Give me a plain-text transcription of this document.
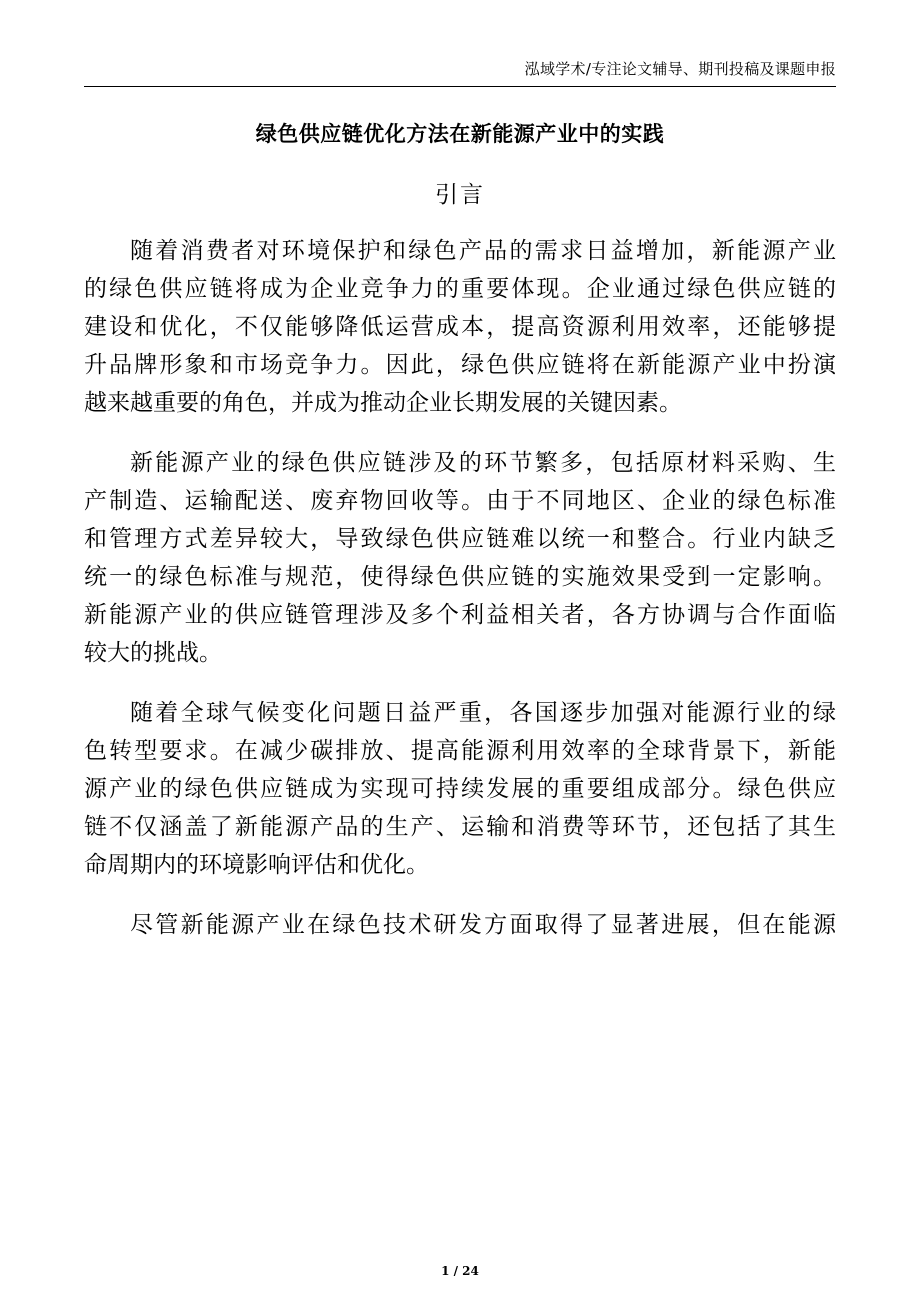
泓域学术/专注论文辅导、期刊投稿及课题申报
绿色供应链优化方法在新能源产业中的实践
引言

随着消费者对环境保护和绿色产品的需求日益增加，新能源产业
的绿色供应链将成为企业竞争力的重要体现。企业通过绿色供应链的
建设和优化，不仅能够降低运营成本，提高资源利用效率，还能够提
升品牌形象和市场竞争力。因此，绿色供应链将在新能源产业中扮演
越来越重要的角色，并成为推动企业长期发展的关键因素。

新能源产业的绿色供应链涉及的环节繁多，包括原材料采购、生
产制造、运输配送、废弃物回收等。由于不同地区、企业的绿色标准
和管理方式差异较大，导致绿色供应链难以统一和整合。行业内缺乏
统一的绿色标准与规范，使得绿色供应链的实施效果受到一定影响。
新能源产业的供应链管理涉及多个利益相关者，各方协调与合作面临
较大的挑战。

随着全球气候变化问题日益严重，各国逐步加强对能源行业的绿
色转型要求。在减少碳排放、提高能源利用效率的全球背景下，新能
源产业的绿色供应链成为实现可持续发展的重要组成部分。绿色供应
链不仅涵盖了新能源产品的生产、运输和消费等环节，还包括了其生
命周期内的环境影响评估和优化。

尽管新能源产业在绿色技术研发方面取得了显著进展，但在能源

1 / 24
